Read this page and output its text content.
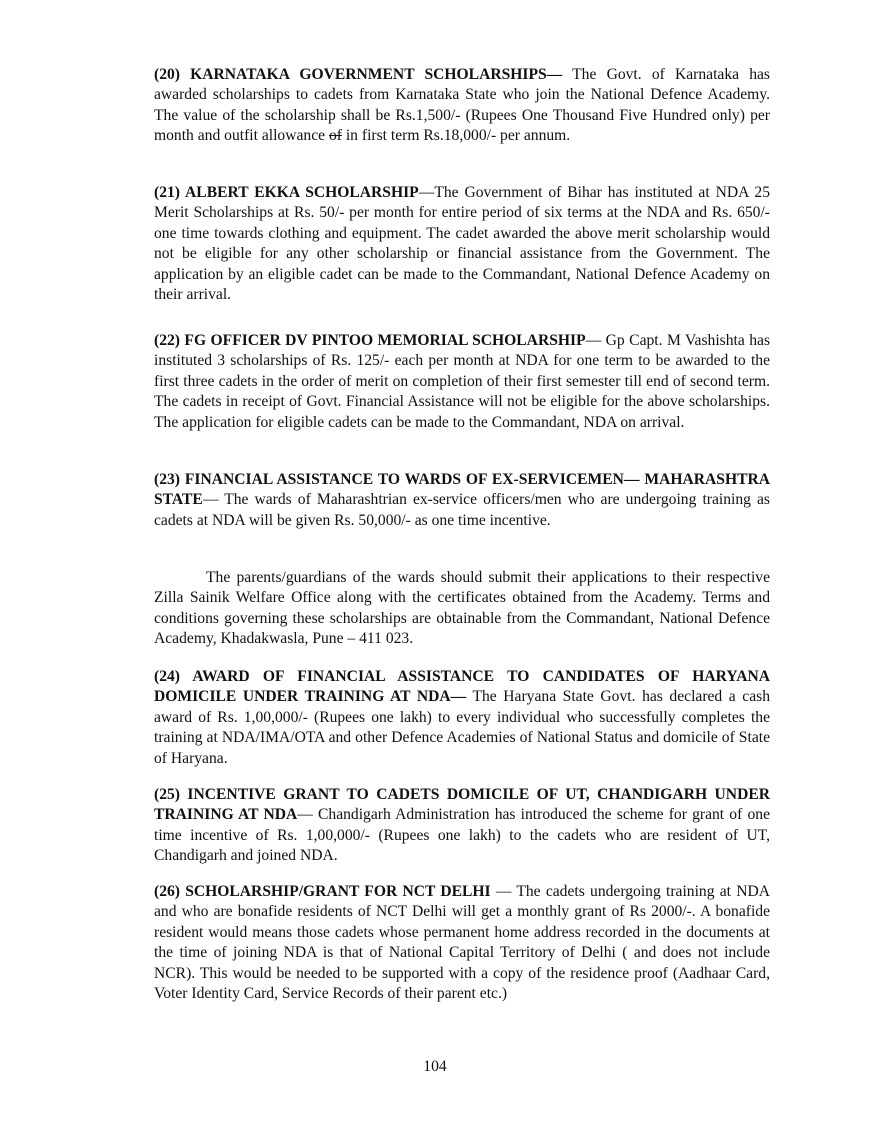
(20) KARNATAKA GOVERNMENT SCHOLARSHIPS— The Govt. of Karnataka has awarded scholarships to cadets from Karnataka State who join the National Defence Academy. The value of the scholarship shall be Rs.1,500/- (Rupees One Thousand Five Hundred only) per month and outfit allowance of in first term Rs.18,000/- per annum.

(21) ALBERT EKKA SCHOLARSHIP—The Government of Bihar has instituted at NDA 25 Merit Scholarships at Rs. 50/- per month for entire period of six terms at the NDA and Rs. 650/- one time towards clothing and equipment. The cadet awarded the above merit scholarship would not be eligible for any other scholarship or financial assistance from the Government. The application by an eligible cadet can be made to the Commandant, National Defence Academy on their arrival.

(22) FG OFFICER DV PINTOO MEMORIAL SCHOLARSHIP— Gp Capt. M Vashishta has instituted 3 scholarships of Rs. 125/- each per month at NDA for one term to be awarded to the first three cadets in the order of merit on completion of their first semester till end of second term. The cadets in receipt of Govt. Financial Assistance will not be eligible for the above scholarships. The application for eligible cadets can be made to the Commandant, NDA on arrival.

(23) FINANCIAL ASSISTANCE TO WARDS OF EX-SERVICEMEN— MAHARASHTRA STATE— The wards of Maharashtrian ex-service officers/men who are undergoing training as cadets at NDA will be given Rs. 50,000/- as one time incentive.

The parents/guardians of the wards should submit their applications to their respective Zilla Sainik Welfare Office along with the certificates obtained from the Academy. Terms and conditions governing these scholarships are obtainable from the Commandant, National Defence Academy, Khadakwasla, Pune – 411 023.

(24) AWARD OF FINANCIAL ASSISTANCE TO CANDIDATES OF HARYANA DOMICILE UNDER TRAINING AT NDA— The Haryana State Govt. has declared a cash award of Rs. 1,00,000/- (Rupees one lakh) to every individual who successfully completes the training at NDA/IMA/OTA and other Defence Academies of National Status and domicile of State of Haryana.

(25) INCENTIVE GRANT TO CADETS DOMICILE OF UT, CHANDIGARH UNDER TRAINING AT NDA— Chandigarh Administration has introduced the scheme for grant of one time incentive of Rs. 1,00,000/- (Rupees one lakh) to the cadets who are resident of UT, Chandigarh and joined NDA.

(26) SCHOLARSHIP/GRANT FOR NCT DELHI — The cadets undergoing training at NDA and who are bonafide residents of NCT Delhi will get a monthly grant of Rs 2000/-. A bonafide resident would means those cadets whose permanent home address recorded in the documents at the time of joining NDA is that of National Capital Territory of Delhi ( and does not include NCR). This would be needed to be supported with a copy of the residence proof (Aadhaar Card, Voter Identity Card, Service Records of their parent etc.)

104
